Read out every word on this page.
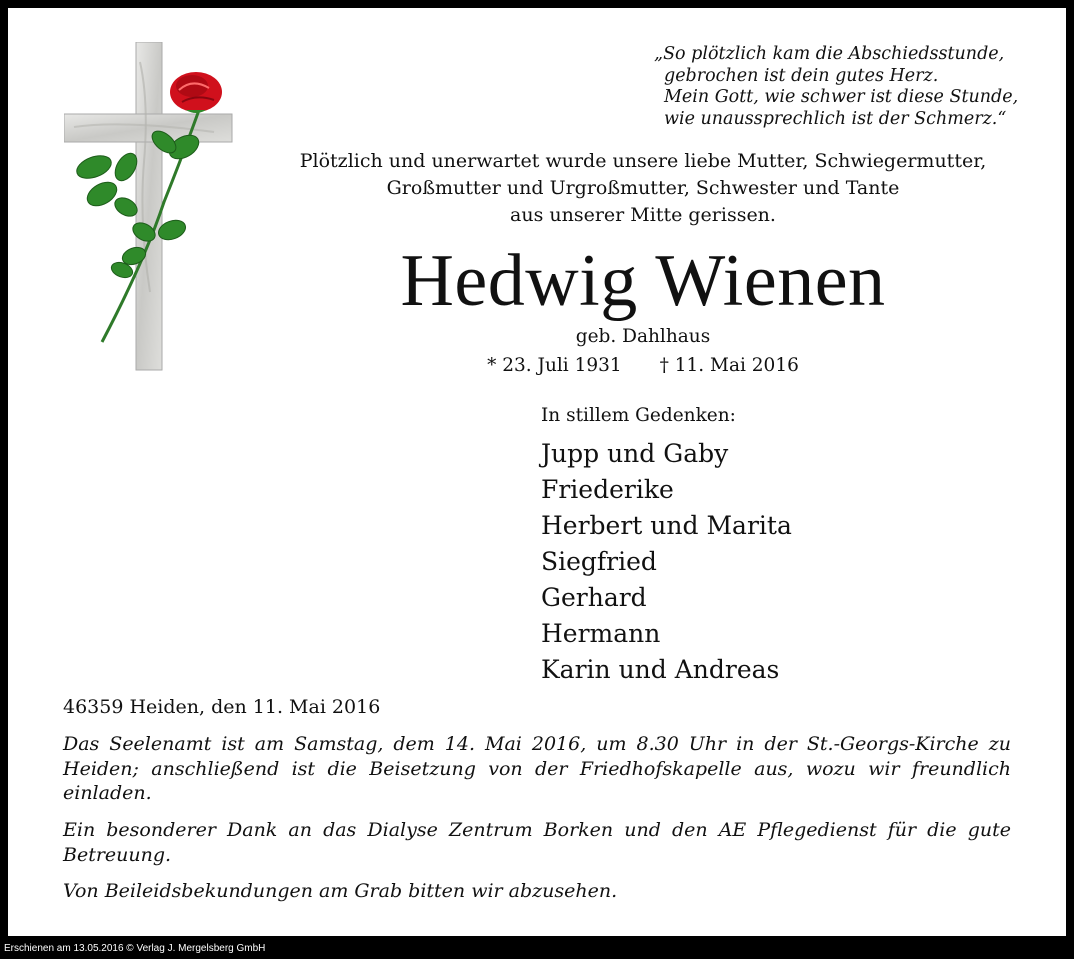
„So plötzlich kam die Abschiedsstunde,
gebrochen ist dein gutes Herz.
Mein Gott, wie schwer ist diese Stunde,
wie unaussprechlich ist der Schmerz.“
Plötzlich und unerwartet wurde unsere liebe Mutter, Schwiegermutter,
Großmutter und Urgroßmutter, Schwester und Tante
aus unserer Mitte gerissen.
Hedwig Wienen
geb. Dahlhaus
* 23. Juli 1931 † 11. Mai 2016
In stillem Gedenken:
Jupp und Gaby
Friederike
Herbert und Marita
Siegfried
Gerhard
Hermann
Karin und Andreas
46359 Heiden, den 11. Mai 2016
Das Seelenamt ist am Samstag, dem 14. Mai 2016, um 8.30 Uhr in der St.-Georgs-Kirche zu Heiden; anschließend ist die Beisetzung von der Friedhofskapelle aus, wozu wir freundlich einladen.
Ein besonderer Dank an das Dialyse Zentrum Borken und den AE Pflegedienst für die gute Betreuung.
Von Beileidsbekundungen am Grab bitten wir abzusehen.
Erschienen am 13.05.2016 © Verlag J. Mergelsberg GmbH
